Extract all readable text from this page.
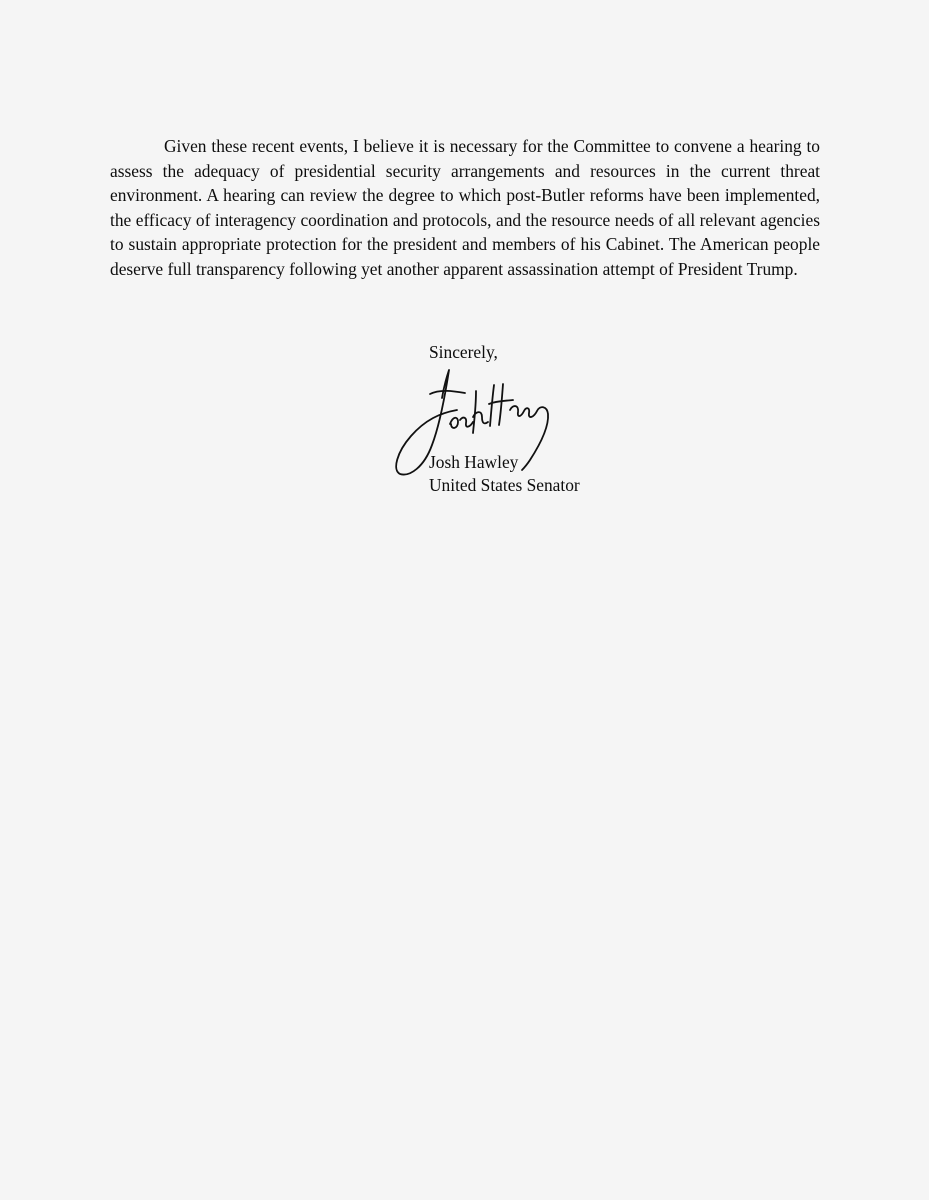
Given these recent events, I believe it is necessary for the Committee to convene a hearing to assess the adequacy of presidential security arrangements and resources in the current threat environment. A hearing can review the degree to which post-Butler reforms have been implemented, the efficacy of interagency coordination and protocols, and the resource needs of all relevant agencies to sustain appropriate protection for the president and members of his Cabinet. The American people deserve full transparency following yet another apparent assassination attempt of President Trump.

Sincerely,

Josh Hawley

United States Senator
